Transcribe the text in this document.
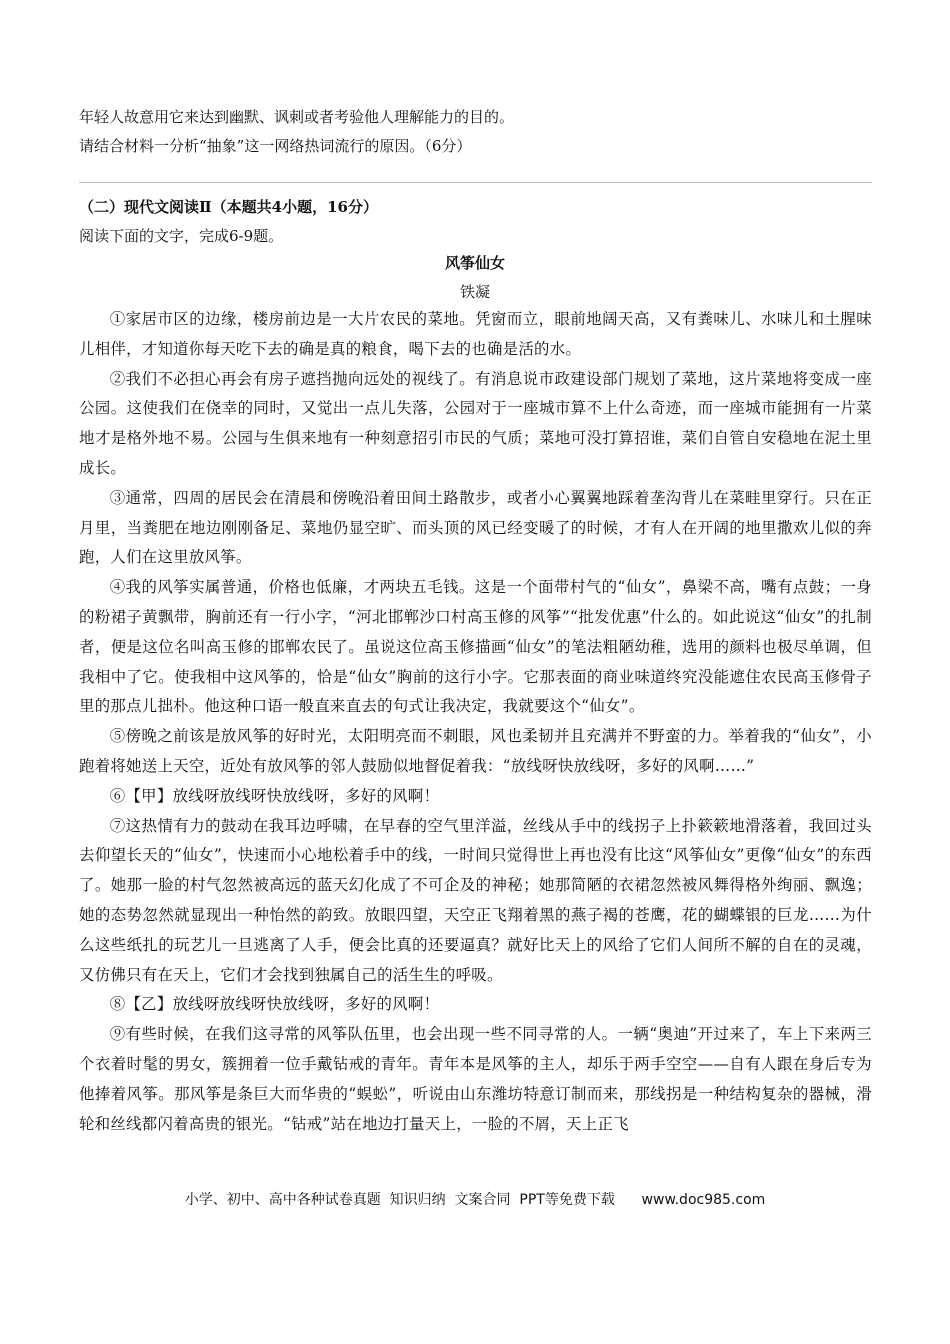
年轻人故意用它来达到幽默、讽刺或者考验他人理解能力的目的。
请结合材料一分析“抽象”这一网络热词流行的原因。（6分）
（二）现代文阅读Ⅱ（本题共4小题，16分）
阅读下面的文字，完成6-9题。
风筝仙女
铁凝

①家居市区的边缘，楼房前边是一大片农民的菜地。凭窗而立，眼前地阔天高，又有粪味儿、水味儿和土腥味儿相伴，才知道你每天吃下去的确是真的粮食，喝下去的也确是活的水。

②我们不必担心再会有房子遮挡抛向远处的视线了。有消息说市政建设部门规划了菜地，这片菜地将变成一座公园。这使我们在侥幸的同时，又觉出一点儿失落，公园对于一座城市算不上什么奇迹，而一座城市能拥有一片菜地才是格外地不易。公园与生俱来地有一种刻意招引市民的气质；菜地可没打算招谁，菜们自管自安稳地在泥土里成长。

③通常，四周的居民会在清晨和傍晚沿着田间土路散步，或者小心翼翼地踩着垄沟背儿在菜畦里穿行。只在正月里，当粪肥在地边刚刚备足、菜地仍显空旷、而头顶的风已经变暖了的时候，才有人在开阔的地里撒欢儿似的奔跑，人们在这里放风筝。

④我的风筝实属普通，价格也低廉，才两块五毛钱。这是一个面带村气的“仙女”，鼻梁不高，嘴有点鼓；一身的粉裙子黄飘带，胸前还有一行小字，“河北邯郸沙口村高玉修的风筝”“批发优惠”什么的。如此说这“仙女”的扎制者，便是这位名叫高玉修的邯郸农民了。虽说这位高玉修描画“仙女”的笔法粗陋幼稚，选用的颜料也极尽单调，但我相中了它。使我相中这风筝的，恰是“仙女”胸前的这行小字。它那表面的商业味道终究没能遮住农民高玉修骨子里的那点儿拙朴。他这种口语一般直来直去的句式让我决定，我就要这个“仙女”。

⑤傍晚之前该是放风筝的好时光，太阳明亮而不刺眼，风也柔韧并且充满并不野蛮的力。举着我的“仙女”，小跑着将她送上天空，近处有放风筝的邻人鼓励似地督促着我：“放线呀快放线呀，多好的风啊……”

⑥【甲】放线呀放线呀快放线呀，多好的风啊！

⑦这热情有力的鼓动在我耳边呼啸，在早春的空气里洋溢，丝线从手中的线拐子上扑簌簌地滑落着，我回过头去仰望长天的“仙女”，快速而小心地松着手中的线，一时间只觉得世上再也没有比这“风筝仙女”更像“仙女”的东西了。她那一脸的村气忽然被高远的蓝天幻化成了不可企及的神秘；她那简陋的衣裙忽然被风舞得格外绚丽、飘逸；她的态势忽然就显现出一种怡然的韵致。放眼四望，天空正飞翔着黑的燕子褐的苍鹰，花的蝴蝶银的巨龙……为什么这些纸扎的玩艺儿一旦逃离了人手，便会比真的还要逼真？就好比天上的风给了它们人间所不解的自在的灵魂，又仿佛只有在天上，它们才会找到独属自己的活生生的呼吸。

⑧【乙】放线呀放线呀快放线呀，多好的风啊！

⑨有些时候，在我们这寻常的风筝队伍里，也会出现一些不同寻常的人。一辆“奥迪”开过来了，车上下来两三个衣着时髦的男女，簇拥着一位手戴钻戒的青年。青年本是风筝的主人，却乐于两手空空——自有人跟在身后专为他捧着风筝。那风筝是条巨大而华贵的“蜈蚣”，听说由山东潍坊特意订制而来，那线拐是一种结构复杂的器械，滑轮和丝线都闪着高贵的银光。“钻戒”站在地边打量天上，一脸的不屑，天上正飞

小学、初中、高中各种试卷真题  知识归纳  文案合同  PPT等免费下载      www.doc985.com
